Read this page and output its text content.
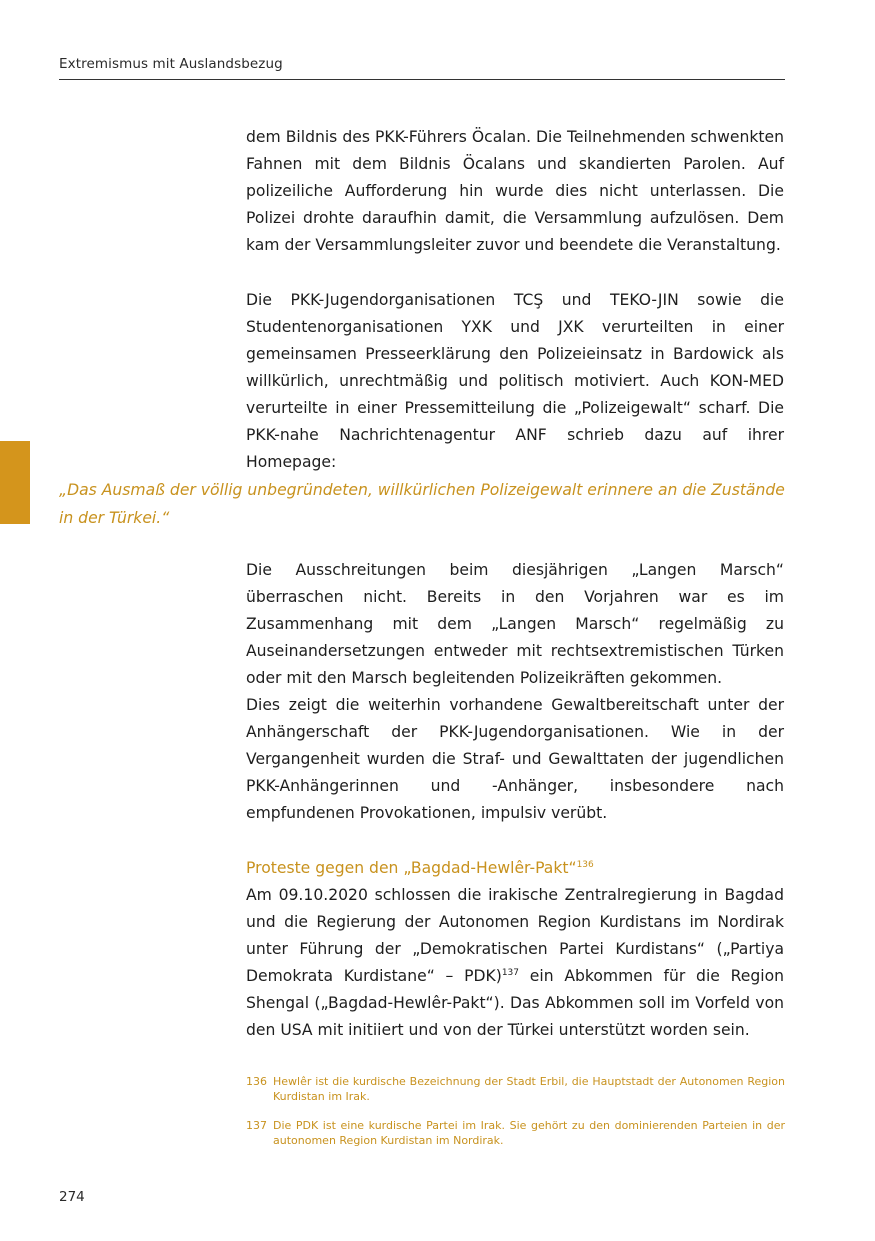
Extremismus mit Auslandsbezug

dem Bildnis des PKK-Führers Öcalan. Die Teilnehmenden schwenkten Fahnen mit dem Bildnis Öcalans und skandierten Parolen. Auf polizeiliche Aufforderung hin wurde dies nicht unterlassen. Die Polizei drohte daraufhin damit, die Versammlung aufzulösen. Dem kam der Versammlungsleiter zuvor und beendete die Veranstaltung.

Die PKK-Jugendorganisationen TCŞ und TEKO-JIN sowie die Studentenorganisationen YXK und JXK verurteilten in einer gemeinsamen Presseerklärung den Polizeieinsatz in Bardowick als willkürlich, unrechtmäßig und politisch motiviert. Auch KON-MED verurteilte in einer Pressemitteilung die „Polizeigewalt“ scharf. Die PKK-nahe Nachrichtenagentur ANF schrieb dazu auf ihrer Homepage:

„Das Ausmaß der völlig unbegründeten, willkürlichen Polizeigewalt erinnere an die Zustände in der Türkei.“

Die Ausschreitungen beim diesjährigen „Langen Marsch“ überraschen nicht. Bereits in den Vorjahren war es im Zusammenhang mit dem „Langen Marsch“ regelmäßig zu Auseinandersetzungen entweder mit rechtsextremistischen Türken oder mit den Marsch begleitenden Polizeikräften gekommen.

Dies zeigt die weiterhin vorhandene Gewaltbereitschaft unter der Anhängerschaft der PKK-Jugendorganisationen. Wie in der Vergangenheit wurden die Straf- und Gewalttaten der jugendlichen PKK-Anhängerinnen und -Anhänger, insbesondere nach empfundenen Provokationen, impulsiv verübt.

Proteste gegen den „Bagdad-Hewlêr-Pakt“$^{136}$

Am 09.10.2020 schlossen die irakische Zentralregierung in Bagdad und die Regierung der Autonomen Region Kurdistans im Nordirak unter Führung der „Demokratischen Partei Kurdistans“ („Partiya Demokrata Kurdistane“ – PDK)$^{137}$ ein Abkommen für die Region Shengal („Bagdad-Hewlêr-Pakt“). Das Abkommen soll im Vorfeld von den USA mit initiiert und von der Türkei unterstützt worden sein.

136 Hewlêr ist die kurdische Bezeichnung der Stadt Erbil, die Hauptstadt der Autonomen Region Kurdistan im Irak.
137 Die PDK ist eine kurdische Partei im Irak. Sie gehört zu den dominierenden Parteien in der autonomen Region Kurdistan im Nordirak.
274
